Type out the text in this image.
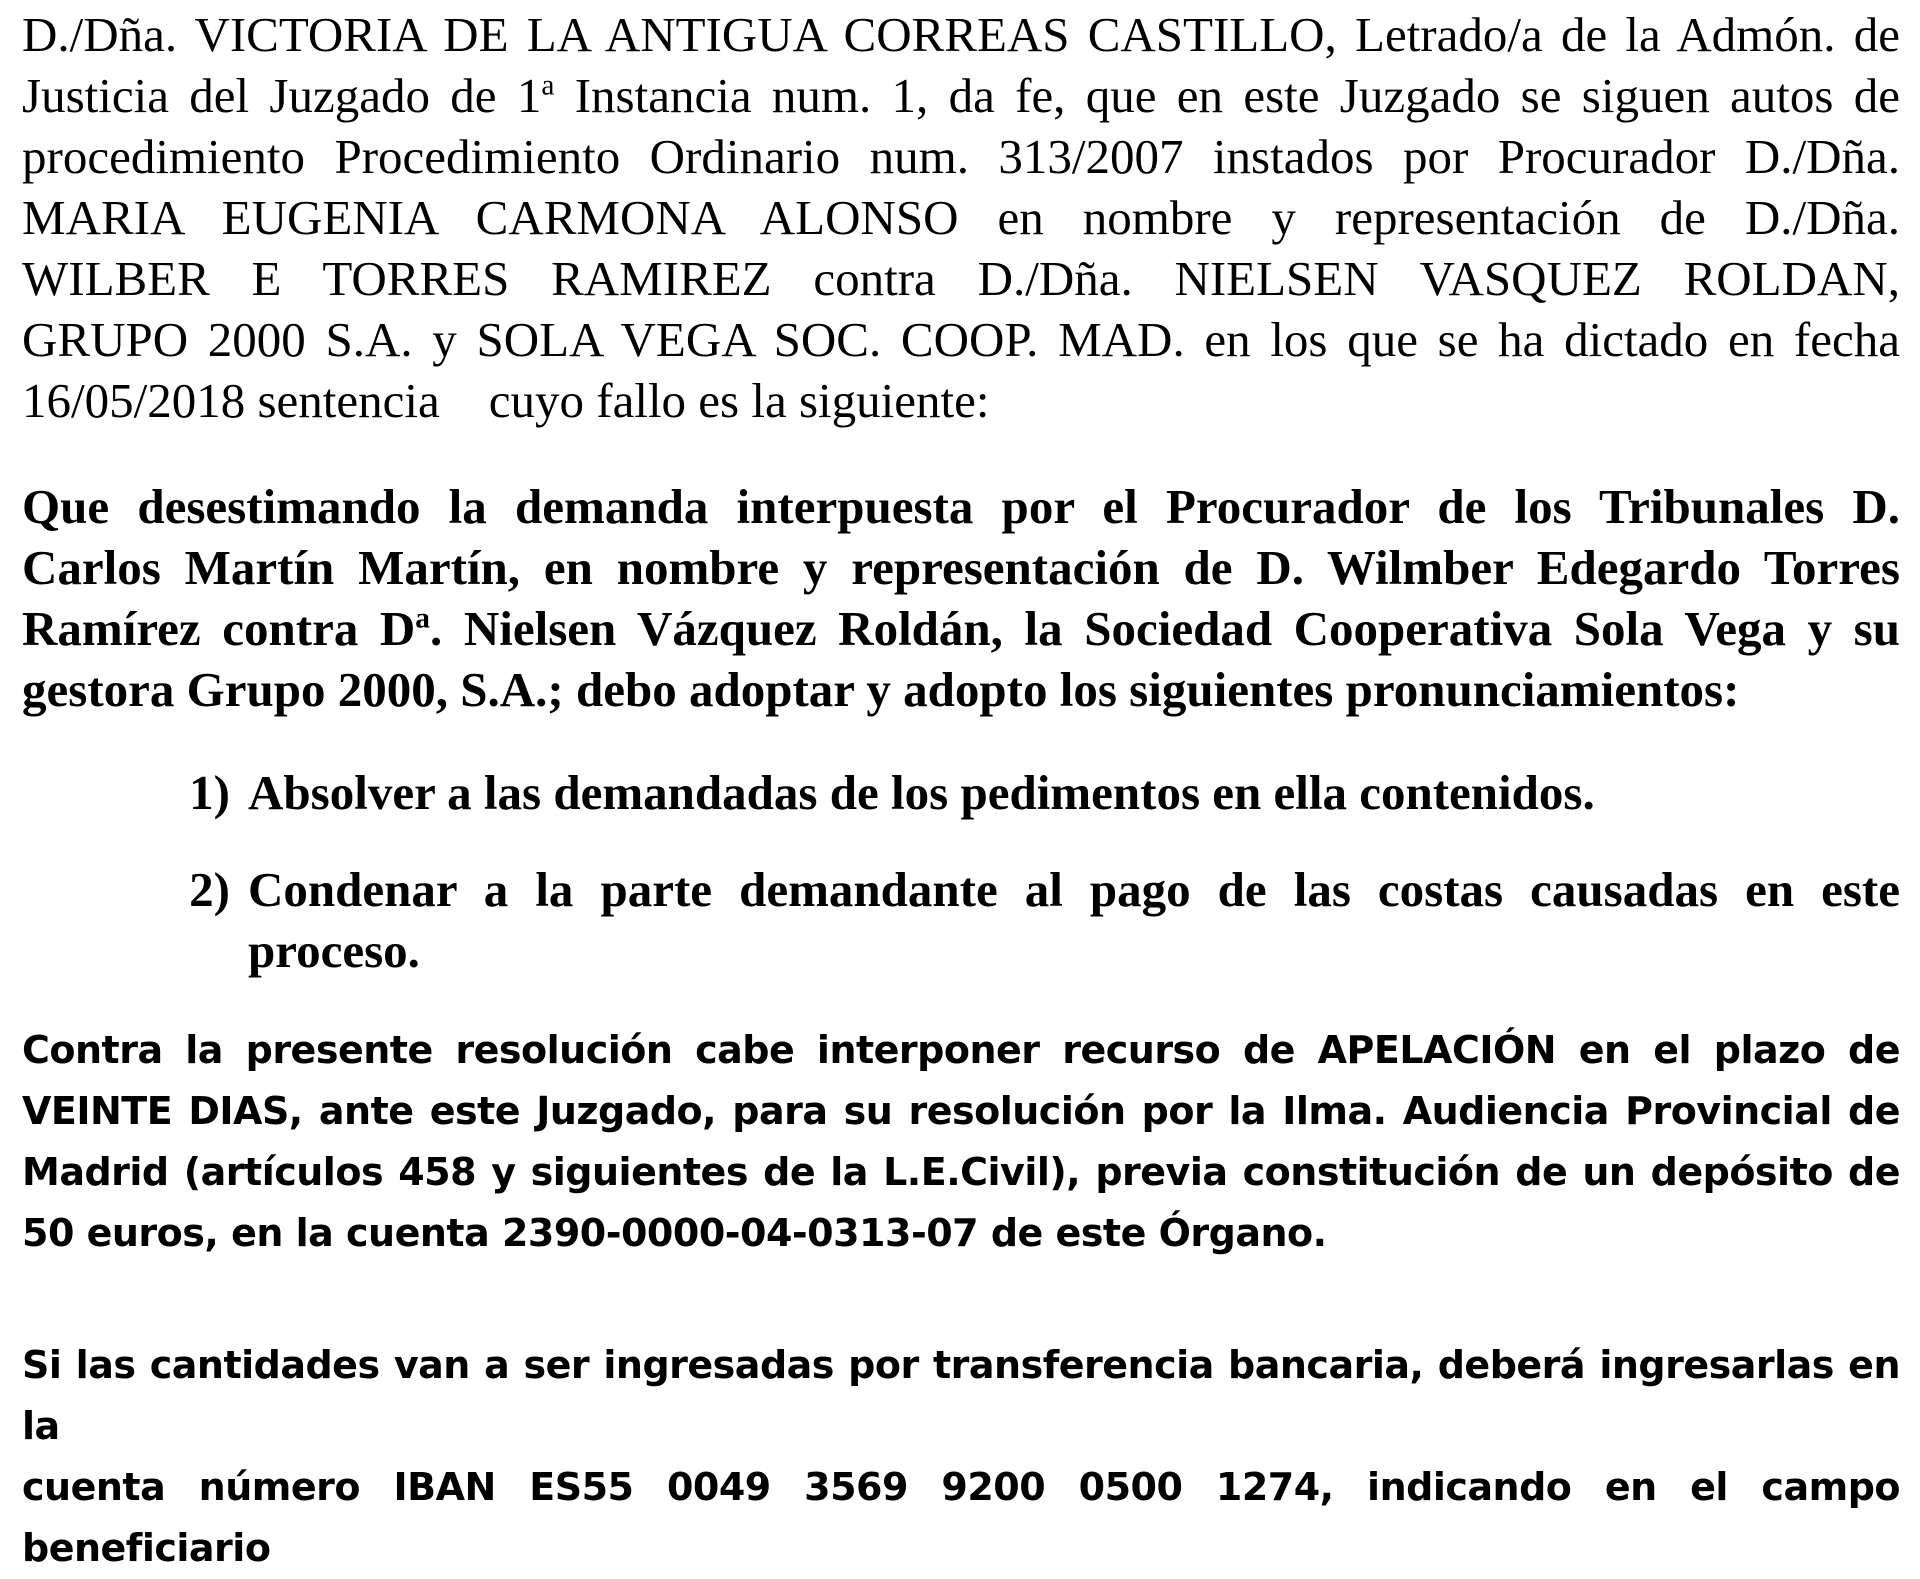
D./Dña. VICTORIA DE LA ANTIGUA CORREAS CASTILLO, Letrado/a de la Admón. de
Justicia del Juzgado de 1$^a$ Instancia num. 1, da fe, que en este Juzgado se siguen autos de
procedimiento Procedimiento Ordinario num. 313/2007 instados por Procurador D./Dña.
MARIA EUGENIA CARMONA ALONSO en nombre y representación de D./Dña.
WILBER E TORRES RAMIREZ contra D./Dña. NIELSEN VASQUEZ ROLDAN,
GRUPO 2000 S.A. y SOLA VEGA SOC. COOP. MAD. en los que se ha dictado en fecha
16/05/2018 sentencia    cuyo fallo es la siguiente:
Que desestimando la demanda interpuesta por el Procurador de los Tribunales D.
Carlos Martín Martín, en nombre y representación de D. Wilmber Edegardo Torres
Ramírez contra $D^a$. Nielsen Vázquez Roldán, la Sociedad Cooperativa Sola Vega y su
gestora Grupo 2000, S.A.; debo adoptar y adopto los siguientes pronunciamientos:
1) Absolver a las demandadas de los pedimentos en ella contenidos.
2) Condenar a la parte demandante al pago de las costas causadas en este proceso.
Contra la presente resolución cabe interponer recurso de APELACIÓN en el plazo de
VEINTE DIAS, ante este Juzgado, para su resolución por la Ilma. Audiencia Provincial de
Madrid (artículos 458 y siguientes de la L.E.Civil), previa constitución de un depósito de
50 euros, en la cuenta 2390-0000-04-0313-07 de este Órgano.
Si las cantidades van a ser ingresadas por transferencia bancaria, deberá ingresarlas en la
cuenta número IBAN ES55 0049 3569 9200 0500 1274, indicando en el campo beneficiario
